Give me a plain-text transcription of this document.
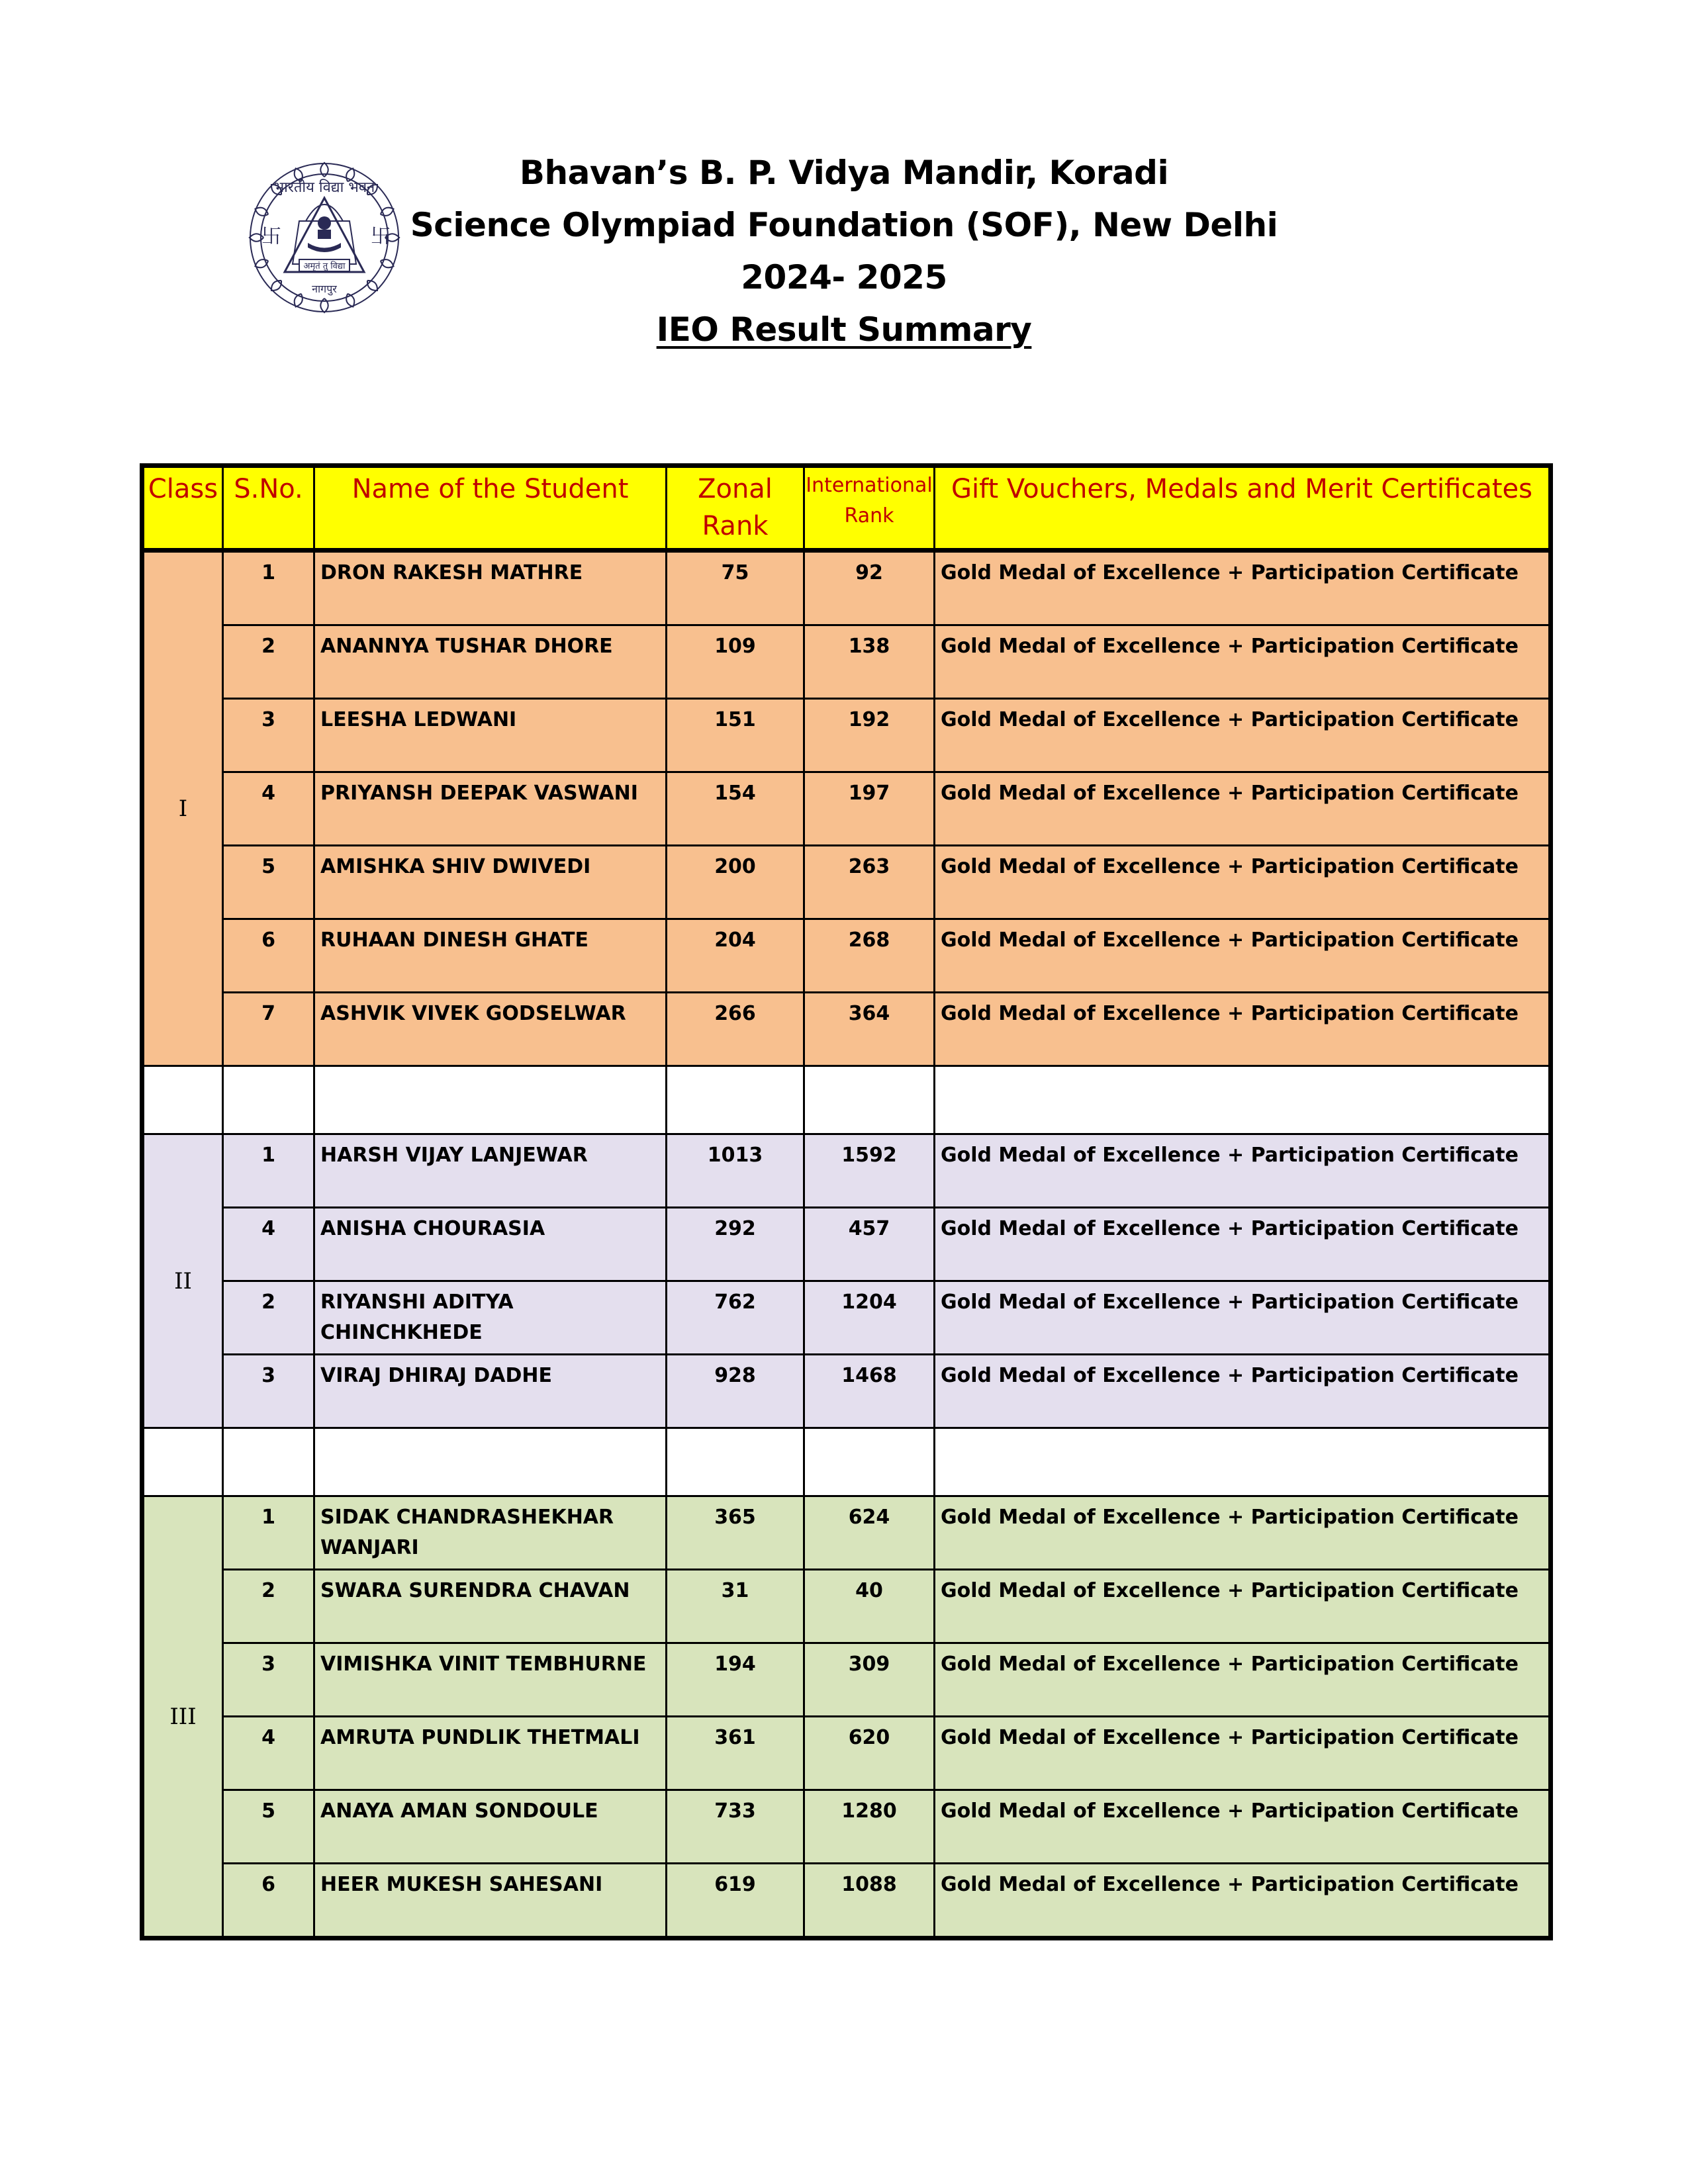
भारतीय विद्या भवन
अमृतं तु विद्या
नागपुर
卐	卐
Bhavan’s B. P. Vidya Mandir, Koradi
Science Olympiad Foundation (SOF), New Delhi
2024- 2025
IEO Result Summary
Class	S.No.	Name of the Student	Zonal Rank	International Rank	Gift Vouchers, Medals and Merit Certificates
I	1	DRON RAKESH MATHRE	75	92	Gold Medal of Excellence + Participation Certificate
	2	ANANNYA TUSHAR DHORE	109	138	Gold Medal of Excellence + Participation Certificate
	3	LEESHA LEDWANI	151	192	Gold Medal of Excellence + Participation Certificate
	4	PRIYANSH DEEPAK VASWANI	154	197	Gold Medal of Excellence + Participation Certificate
	5	AMISHKA SHIV DWIVEDI	200	263	Gold Medal of Excellence + Participation Certificate
	6	RUHAAN DINESH GHATE	204	268	Gold Medal of Excellence + Participation Certificate
	7	ASHVIK VIVEK GODSELWAR	266	364	Gold Medal of Excellence + Participation Certificate

II	1	HARSH VIJAY LANJEWAR	1013	1592	Gold Medal of Excellence + Participation Certificate
	4	ANISHA CHOURASIA	292	457	Gold Medal of Excellence + Participation Certificate
	2	RIYANSHI ADITYA CHINCHKHEDE	762	1204	Gold Medal of Excellence + Participation Certificate
	3	VIRAJ DHIRAJ DADHE	928	1468	Gold Medal of Excellence + Participation Certificate

III	1	SIDAK CHANDRASHEKHAR WANJARI	365	624	Gold Medal of Excellence + Participation Certificate
	2	SWARA SURENDRA CHAVAN	31	40	Gold Medal of Excellence + Participation Certificate
	3	VIMISHKA VINIT TEMBHURNE	194	309	Gold Medal of Excellence + Participation Certificate
	4	AMRUTA PUNDLIK THETMALI	361	620	Gold Medal of Excellence + Participation Certificate
	5	ANAYA AMAN SONDOULE	733	1280	Gold Medal of Excellence + Participation Certificate
	6	HEER MUKESH SAHESANI	619	1088	Gold Medal of Excellence + Participation Certificate
